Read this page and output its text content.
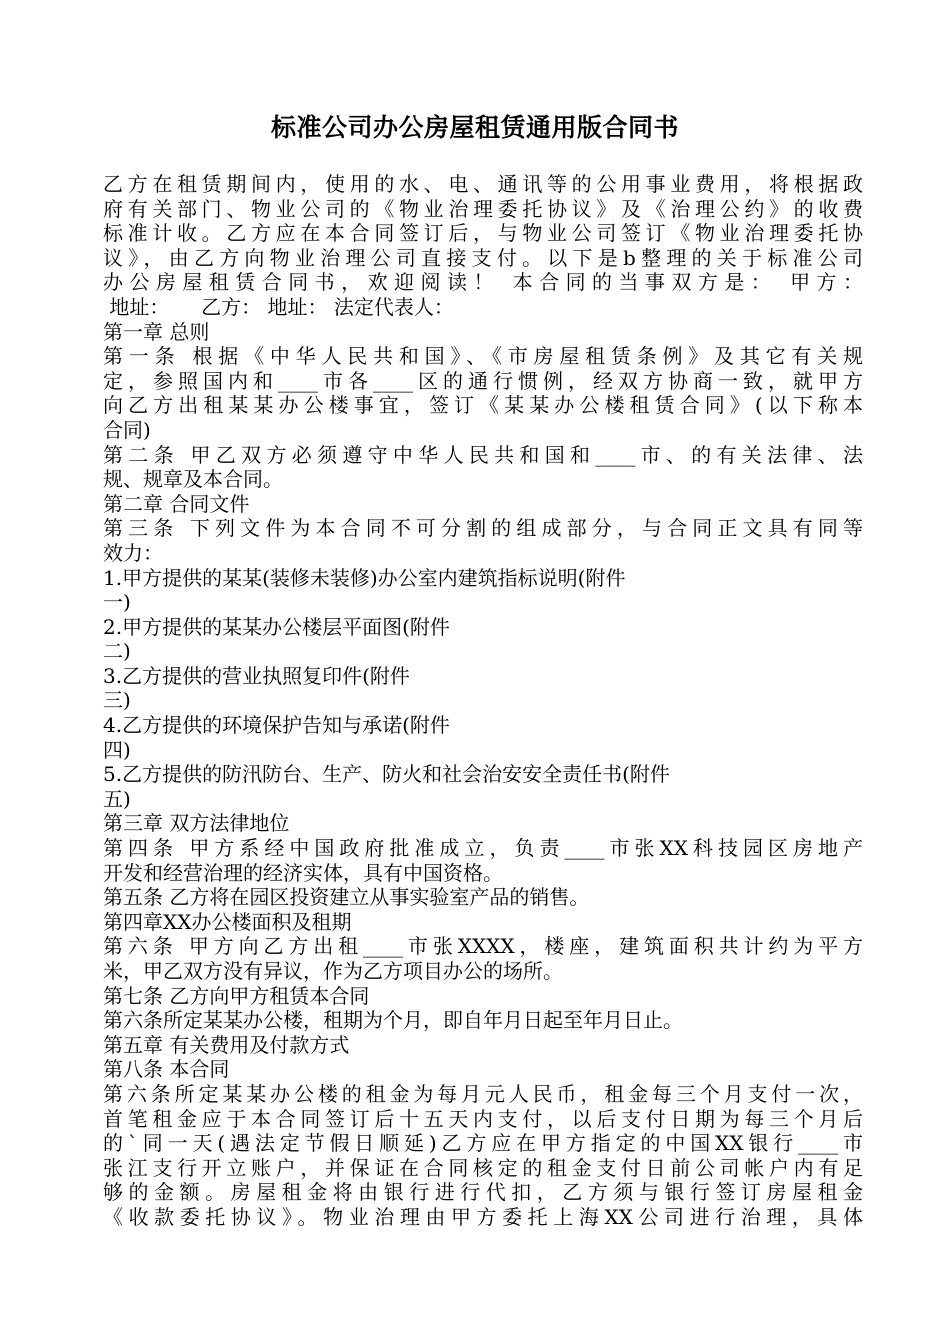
标准公司办公房屋租赁通用版合同书
乙方在租赁期间内，使用的水、电、通讯等的公用事业费用，将根据政
府有关部门、物业公司的《物业治理委托协议》及《治理公约》的收费
标准计收。乙方应在本合同签订后，与物业公司签订《物业治理委托协
议》，由乙方向物业治理公司直接支付。以下是b整理的关于标准公司
办公房屋租赁合同书，欢迎阅读！ 本合同的当事双方是： 甲方：
地址：     乙方： 地址： 法定代表人：
第一章 总则
第一条 根据《中华人民共和国》、《市房屋租赁条例》及其它有关规
定，参照国内和____市各____区的通行惯例，经双方协商一致，就甲方
向乙方出租某某办公楼事宜，签订《某某办公楼租赁合同》(以下称本
合同)
第二条 甲乙双方必须遵守中华人民共和国和____市、的有关法律、法
规、规章及本合同。
第二章 合同文件
第三条 下列文件为本合同不可分割的组成部分，与合同正文具有同等
效力：
1.甲方提供的某某(装修未装修)办公室内建筑指标说明(附件
一)
2.甲方提供的某某办公楼层平面图(附件
二)
3.乙方提供的营业执照复印件(附件
三)
4.乙方提供的环境保护告知与承诺(附件
四)
5.乙方提供的防汛防台、生产、防火和社会治安安全责任书(附件
五)
第三章 双方法律地位
第四条 甲方系经中国政府批准成立，负责____市张XX科技园区房地产
开发和经营治理的经济实体，具有中国资格。
第五条 乙方将在园区投资建立从事实验室产品的销售。
第四章XX办公楼面积及租期
第六条 甲方向乙方出租____市张XXXX，楼座，建筑面积共计约为平方
米，甲乙双方没有异议，作为乙方项目办公的场所。
第七条 乙方向甲方租赁本合同
第六条所定某某办公楼，租期为个月，即自年月日起至年月日止。
第五章 有关费用及付款方式
第八条 本合同
第六条所定某某办公楼的租金为每月元人民币，租金每三个月支付一次，
首笔租金应于本合同签订后十五天内支付，以后支付日期为每三个月后
的`同一天(遇法定节假日顺延)乙方应在甲方指定的中国XX银行____市
张江支行开立账户，并保证在合同核定的租金支付日前公司帐户内有足
够的金额。房屋租金将由银行进行代扣，乙方须与银行签订房屋租金
《收款委托协议》。物业治理由甲方委托上海XX公司进行治理，具体
